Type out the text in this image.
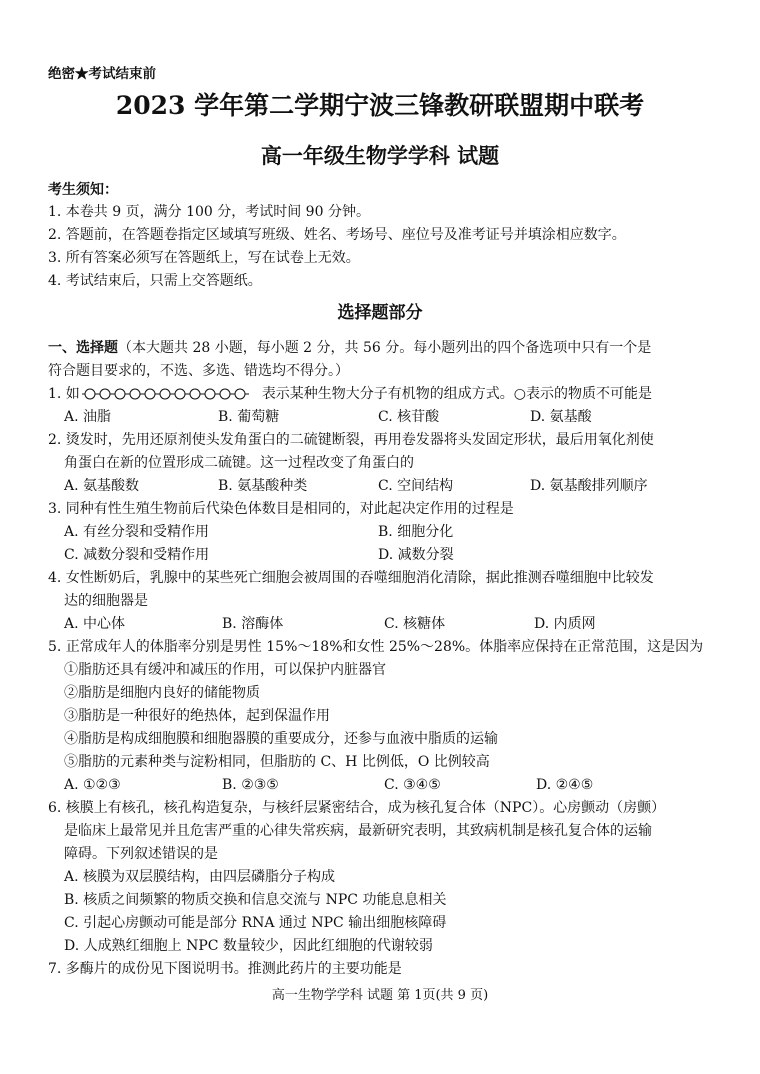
绝密★考试结束前
2023 学年第二学期宁波三锋教研联盟期中联考
高一年级生物学学科 试题
考生须知：
1. 本卷共 9 页，满分 100 分，考试时间 90 分钟。
2. 答题前，在答题卷指定区域填写班级、姓名、考场号、座位号及准考证号并填涂相应数字。
3. 所有答案必须写在答题纸上，写在试卷上无效。
4. 考试结束后，只需上交答题纸。
选择题部分
一、选择题（本大题共 28 小题，每小题 2 分，共 56 分。每小题列出的四个备选项中只有一个是
符合题目要求的，不选、多选、错选均不得分。）
1. 如	表示某种生物大分子有机物的组成方式。○表示的物质不可能是
A. 油脂	B. 葡萄糖	C. 核苷酸	D. 氨基酸
2. 烫发时，先用还原剂使头发角蛋白的二硫键断裂，再用卷发器将头发固定形状，最后用氧化剂使
角蛋白在新的位置形成二硫键。这一过程改变了角蛋白的
A. 氨基酸数	B. 氨基酸种类	C. 空间结构	D. 氨基酸排列顺序
3. 同种有性生殖生物前后代染色体数目是相同的，对此起决定作用的过程是
A. 有丝分裂和受精作用	B. 细胞分化
C. 减数分裂和受精作用	D. 减数分裂
4. 女性断奶后，乳腺中的某些死亡细胞会被周围的吞噬细胞消化清除，据此推测吞噬细胞中比较发
达的细胞器是
A. 中心体	B. 溶酶体	C. 核糖体	D. 内质网
5. 正常成年人的体脂率分别是男性 15%～18%和女性 25%～28%。体脂率应保持在正常范围，这是因为
①脂肪还具有缓冲和减压的作用，可以保护内脏器官
②脂肪是细胞内良好的储能物质
③脂肪是一种很好的绝热体，起到保温作用
④脂肪是构成细胞膜和细胞器膜的重要成分，还参与血液中脂质的运输
⑤脂肪的元素种类与淀粉相同，但脂肪的 C、H 比例低，O 比例较高
A. ①②③	B. ②③⑤	C. ③④⑤	D. ②④⑤
6. 核膜上有核孔，核孔构造复杂，与核纤层紧密结合，成为核孔复合体（NPC）。心房颤动（房颤）
是临床上最常见并且危害严重的心律失常疾病，最新研究表明，其致病机制是核孔复合体的运输
障碍。下列叙述错误的是
A. 核膜为双层膜结构，由四层磷脂分子构成
B. 核质之间频繁的物质交换和信息交流与 NPC 功能息息相关
C. 引起心房颤动可能是部分 RNA 通过 NPC 输出细胞核障碍
D. 人成熟红细胞上 NPC 数量较少，因此红细胞的代谢较弱
7. 多酶片的成份见下图说明书。推测此药片的主要功能是
高一生物学学科 试题 第 1页(共 9 页)
